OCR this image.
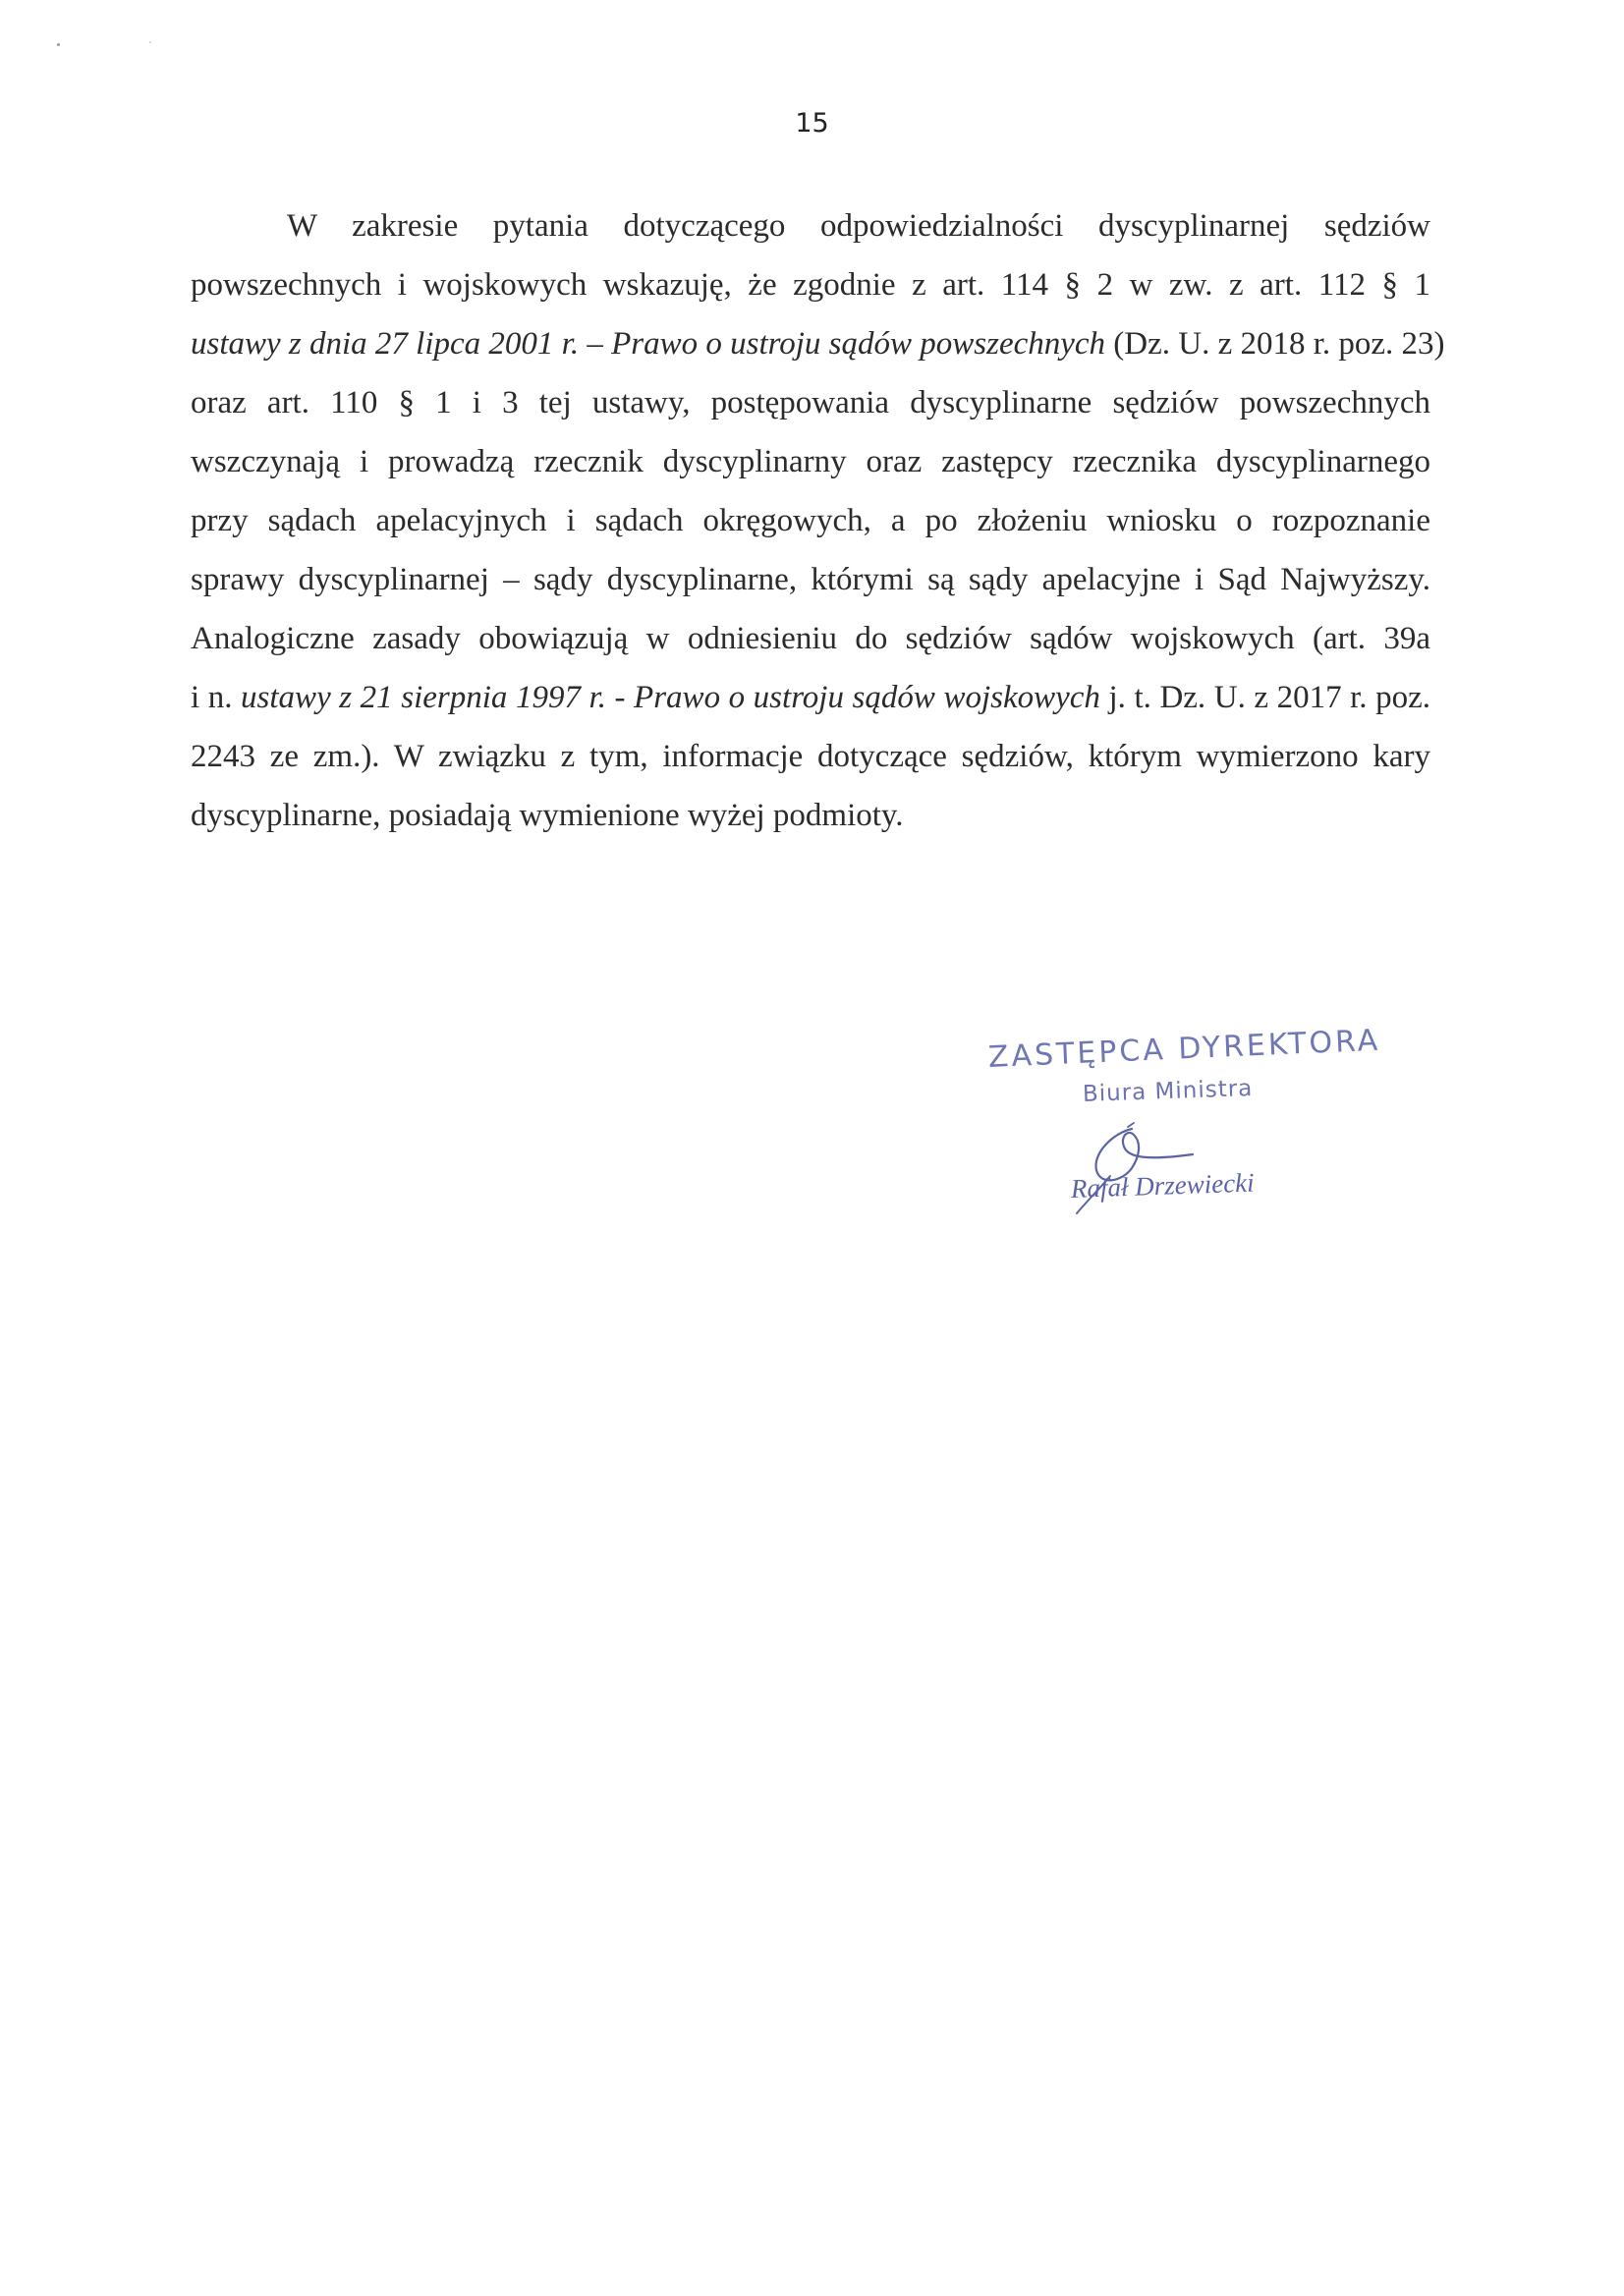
15
W zakresie pytania dotyczącego odpowiedzialności dyscyplinarnej sędziów
powszechnych i wojskowych wskazuję, że zgodnie z art. 114 § 2 w zw. z art. 112 § 1
ustawy z dnia 27 lipca 2001 r. – Prawo o ustroju sądów powszechnych (Dz. U. z 2018 r. poz. 23)
oraz art. 110 § 1 i 3 tej ustawy, postępowania dyscyplinarne sędziów powszechnych
wszczynają i prowadzą rzecznik dyscyplinarny oraz zastępcy rzecznika dyscyplinarnego
przy sądach apelacyjnych i sądach okręgowych, a po złożeniu wniosku o rozpoznanie
sprawy dyscyplinarnej – sądy dyscyplinarne, którymi są sądy apelacyjne i Sąd Najwyższy.
Analogiczne zasady obowiązują w odniesieniu do sędziów sądów wojskowych (art. 39a
i n. ustawy z 21 sierpnia 1997 r. - Prawo o ustroju sądów wojskowych j. t. Dz. U. z 2017 r. poz.
2243 ze zm.). W związku z tym, informacje dotyczące sędziów, którym wymierzono kary
dyscyplinarne, posiadają wymienione wyżej podmioty.
ZASTĘPCA DYREKTORA
Biura Ministra
Rafał Drzewiecki
